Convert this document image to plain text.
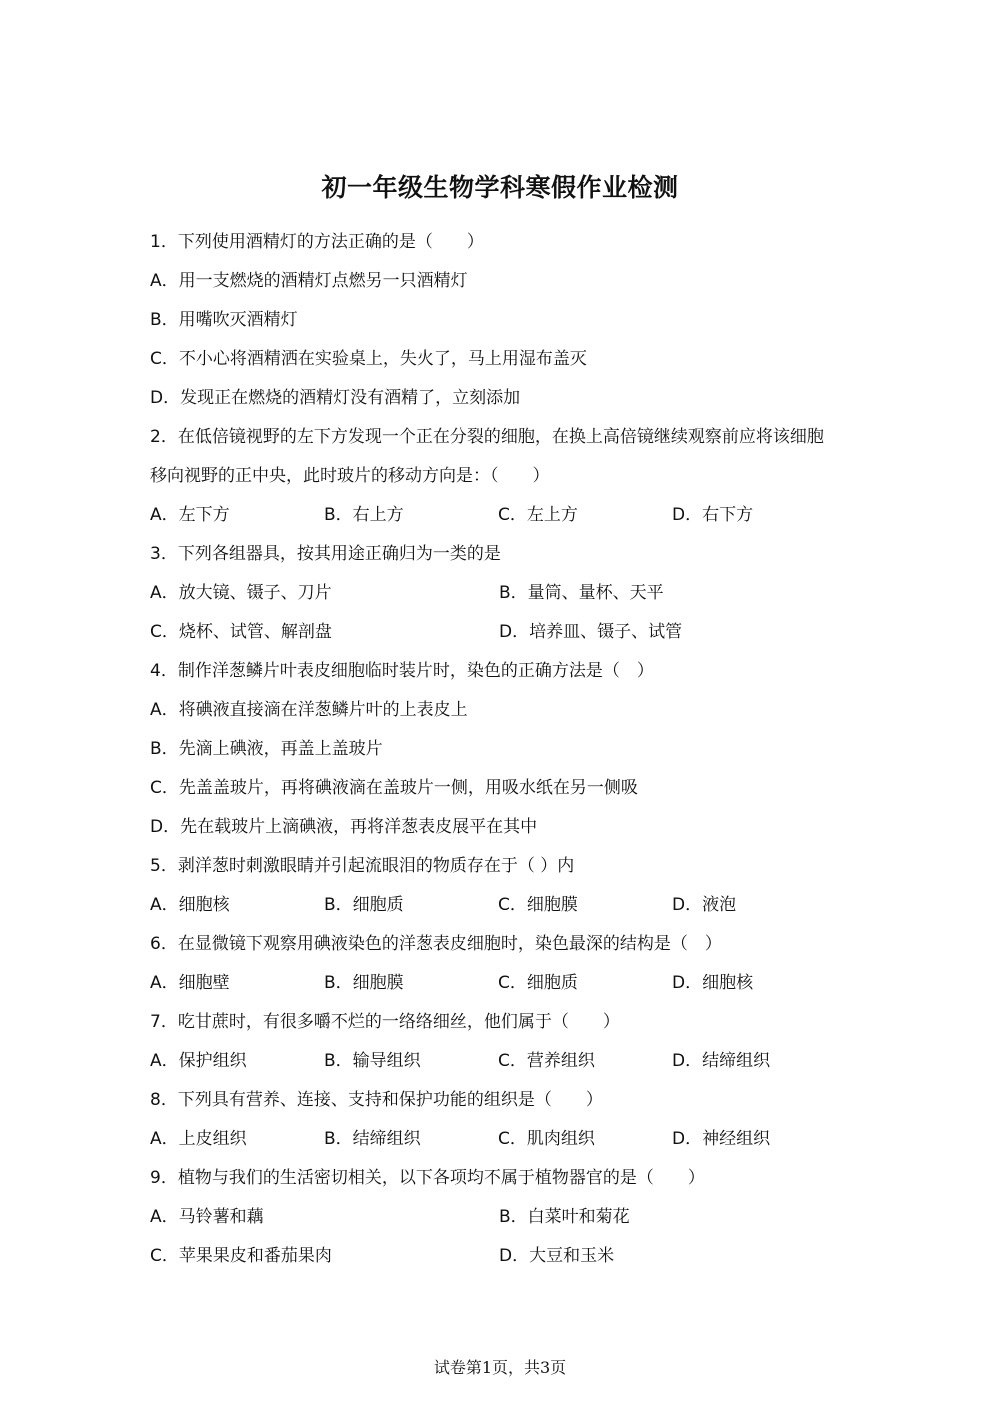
初一年级生物学科寒假作业检测
1．下列使用酒精灯的方法正确的是（　　）
A．用一支燃烧的酒精灯点燃另一只酒精灯
B．用嘴吹灭酒精灯
C．不小心将酒精洒在实验桌上，失火了，马上用湿布盖灭
D．发现正在燃烧的酒精灯没有酒精了，立刻添加
2．在低倍镜视野的左下方发现一个正在分裂的细胞，在换上高倍镜继续观察前应将该细胞
移向视野的正中央，此时玻片的移动方向是：（　　）
A．左下方	B．右上方	C．左上方	D．右下方
3．下列各组器具，按其用途正确归为一类的是
A．放大镜、镊子、刀片	B．量筒、量杯、天平
C．烧杯、试管、解剖盘	D．培养皿、镊子、试管
4．制作洋葱鳞片叶表皮细胞临时装片时，染色的正确方法是（　）
A．将碘液直接滴在洋葱鳞片叶的上表皮上
B．先滴上碘液，再盖上盖玻片
C．先盖盖玻片，再将碘液滴在盖玻片一侧，用吸水纸在另一侧吸
D．先在载玻片上滴碘液，再将洋葱表皮展平在其中
5．剥洋葱时刺激眼睛并引起流眼泪的物质存在于（ ）内
A．细胞核	B．细胞质	C．细胞膜	D．液泡
6．在显微镜下观察用碘液染色的洋葱表皮细胞时，染色最深的结构是（　）
A．细胞壁	B．细胞膜	C．细胞质	D．细胞核
7．吃甘蔗时，有很多嚼不烂的一络络细丝，他们属于（　　）
A．保护组织	B．输导组织	C．营养组织	D．结缔组织
8．下列具有营养、连接、支持和保护功能的组织是（　　）
A．上皮组织	B．结缔组织	C．肌肉组织	D．神经组织
9．植物与我们的生活密切相关，以下各项均不属于植物器官的是（　　）
A．马铃薯和藕	B．白菜叶和菊花
C．苹果果皮和番茄果肉	D．大豆和玉米
试卷第1页，共3页
